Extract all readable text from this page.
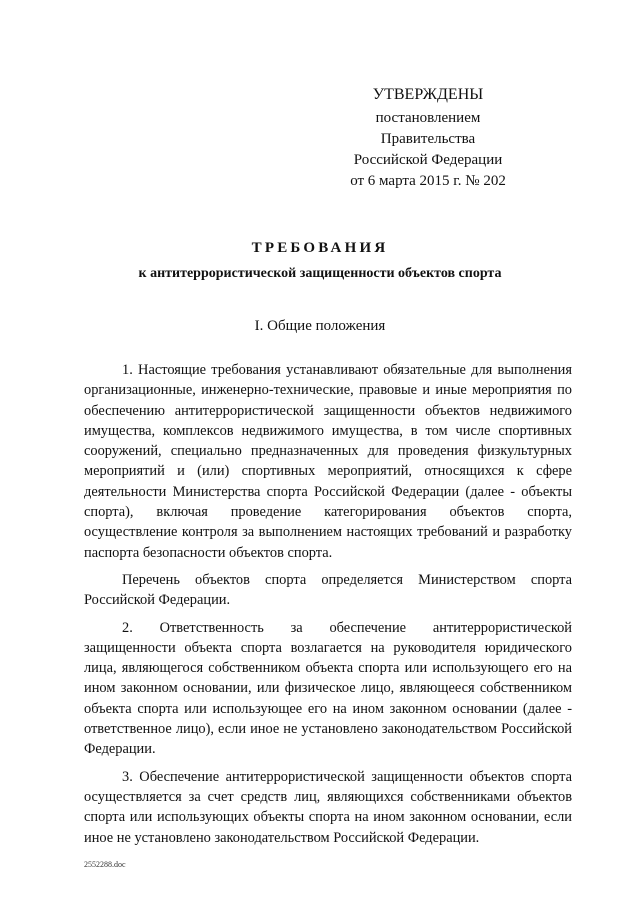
УТВЕРЖДЕНЫ
постановлением Правительства
Российской Федерации
от 6 марта 2015 г. № 202
ТРЕБОВАНИЯ
к антитеррористической защищенности объектов спорта
I. Общие положения

1. Настоящие требования устанавливают обязательные для выполнения организационные, инженерно-технические, правовые и иные мероприятия по обеспечению антитеррористической защищенности объектов недвижимого имущества, комплексов недвижимого имущества, в том числе спортивных сооружений, специально предназначенных для проведения физкультурных мероприятий и (или) спортивных мероприятий, относящихся к сфере деятельности Министерства спорта Российской Федерации (далее - объекты спорта), включая проведение категорирования объектов спорта, осуществление контроля за выполнением настоящих требований и разработку паспорта безопасности объектов спорта.

Перечень объектов спорта определяется Министерством спорта Российской Федерации.

2. Ответственность за обеспечение антитеррористической защищенности объекта спорта возлагается на руководителя юридического лица, являющегося собственником объекта спорта или использующего его на ином законном основании, или физическое лицо, являющееся собственником объекта спорта или использующее его на ином законном основании (далее - ответственное лицо), если иное не установлено законодательством Российской Федерации.

3. Обеспечение антитеррористической защищенности объектов спорта осуществляется за счет средств лиц, являющихся собственниками объектов спорта или использующих объекты спорта на ином законном основании, если иное не установлено законодательством Российской Федерации.

2552288.doc
